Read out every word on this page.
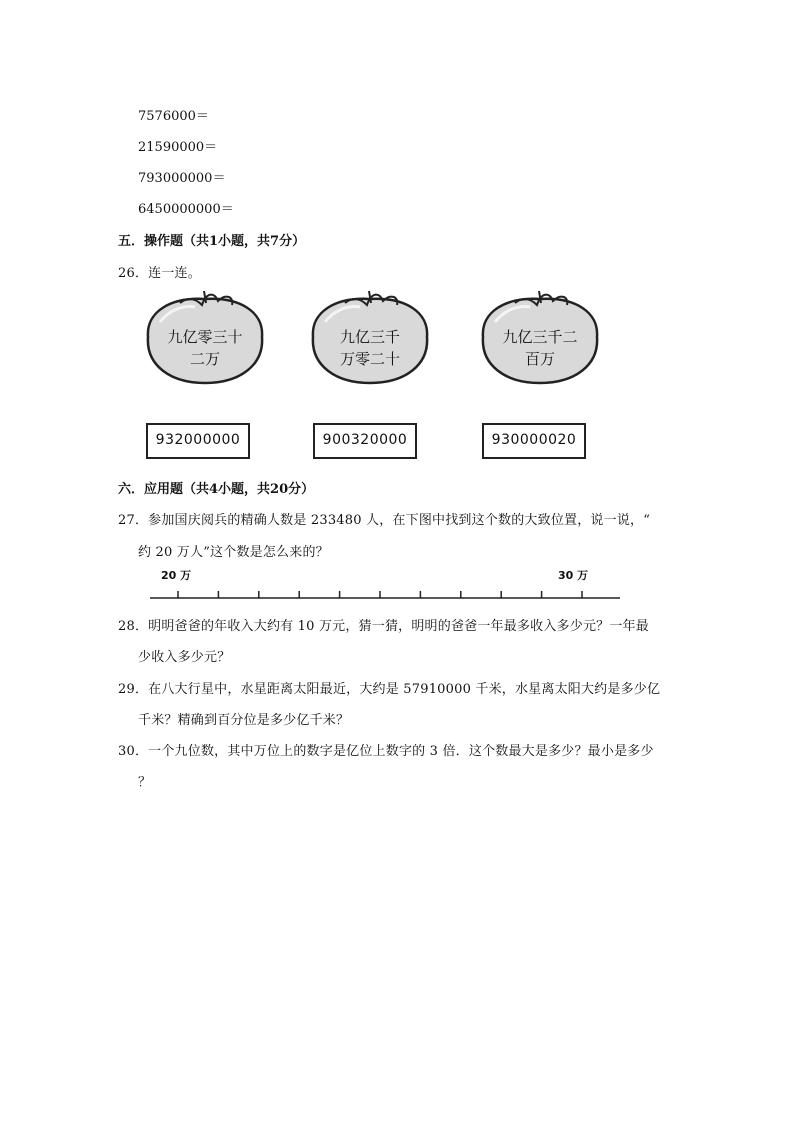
7576000＝
21590000＝
793000000＝
6450000000＝
五．操作题（共1小题，共7分）
26．连一连。
九亿零三十
二万
九亿三千
万零二十
九亿三千二
百万
932000000	900320000	930000020
六．应用题（共4小题，共20分）
27．参加国庆阅兵的精确人数是 233480 人，在下图中找到这个数的大致位置，说一说，“
约 20 万人”这个数是怎么来的？
20 万	30 万
28．明明爸爸的年收入大约有 10 万元，猜一猜，明明的爸爸一年最多收入多少元？一年最
少收入多少元？
29．在八大行星中，水星距离太阳最近，大约是 57910000 千米，水星离太阳大约是多少亿
千米？精确到百分位是多少亿千米？
30．一个九位数，其中万位上的数字是亿位上数字的 3 倍．这个数最大是多少？最小是多少
？
